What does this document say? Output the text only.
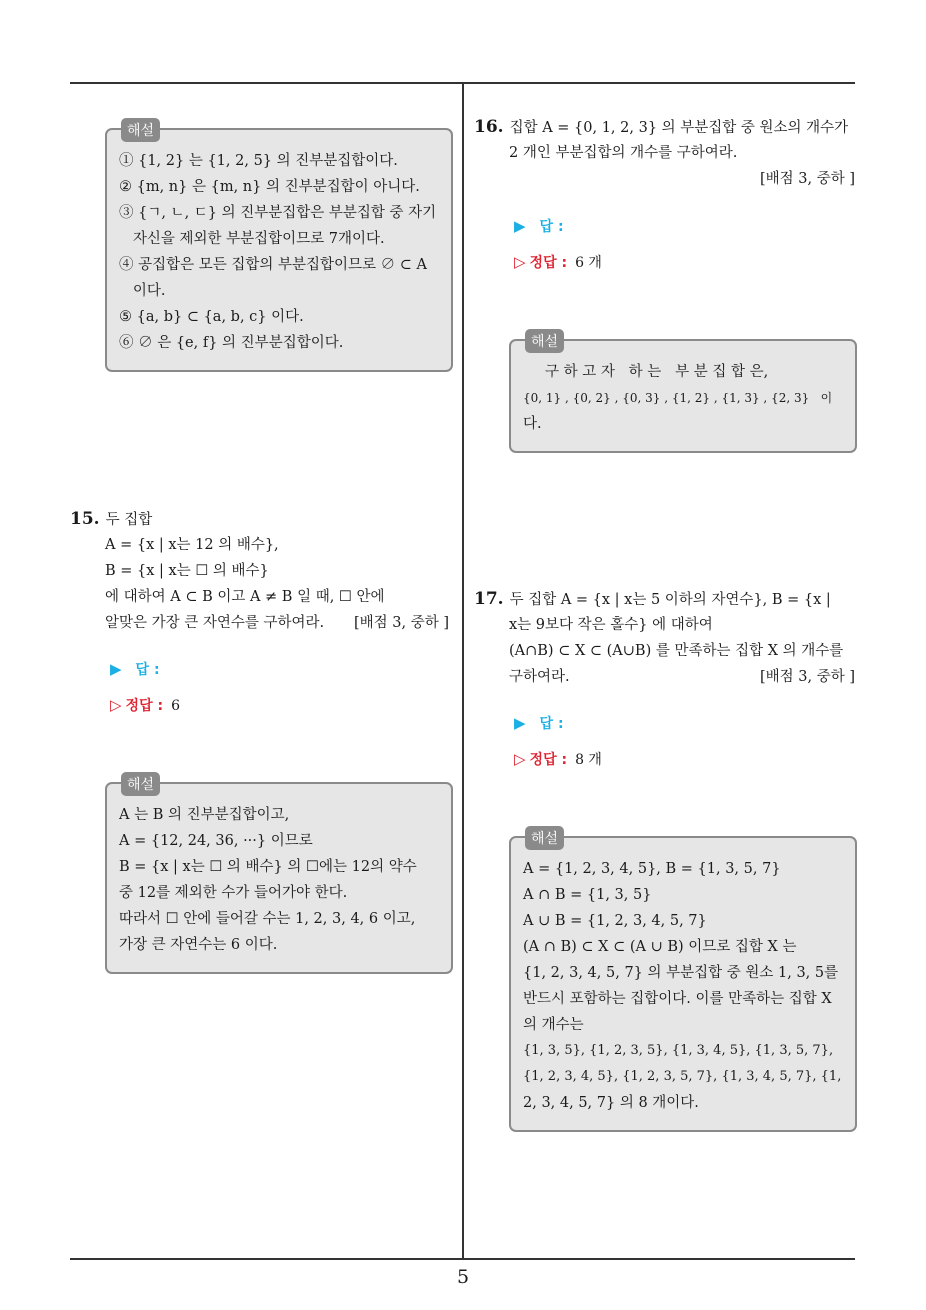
5
해설
① {1, 2} 는 {1, 2, 5} 의 진부분집합이다.
② {m, n} 은 {m, n} 의 진부분집합이 아니다.
③ {ㄱ, ㄴ, ㄷ} 의 진부분집합은 부분집합 중 자기
자신을 제외한 부분집합이므로 7개이다.
④ 공집합은 모든 집합의 부분집합이므로 ∅ ⊂ A
이다.
⑤ {a, b} ⊂ {a, b, c} 이다.
⑥ ∅ 은 {e, f} 의 진부분집합이다.
15. 두 집합
A = {x | x는 12 의 배수},
B = {x | x는 ☐ 의 배수}
에 대하여 A ⊂ B 이고 A ≠ B 일 때, ☐ 안에
알맞은 가장 큰 자연수를 구하여라.	[배점 3, 중하 ]
▶ 답 :
▷ 정답 : 6
해설
A 는 B 의 진부분집합이고,
A = {12, 24, 36, ···} 이므로
B = {x | x는 ☐ 의 배수} 의 ☐에는 12의 약수
중 12를 제외한 수가 들어가야 한다.
따라서 ☐ 안에 들어갈 수는 1, 2, 3, 4, 6 이고,
가장 큰 자연수는 6 이다.
16. 집합 A = {0, 1, 2, 3} 의 부분집합 중 원소의 개수가
2 개인 부분집합의 개수를 구하여라.
[배점 3, 중하 ]
▶ 답 :
▷ 정답 : 6 개
해설
구 하 고 자   하 는   부 분 집 합 은,
{0, 1} , {0, 2} , {0, 3} , {1, 2} , {1, 3} , {2, 3}   이
다.
17. 두 집합 A = {x | x는 5 이하의 자연수}, B = {x |
x는 9보다 작은 홀수} 에 대하여
(A∩B) ⊂ X ⊂ (A∪B) 를 만족하는 집합 X 의 개수를
구하여라.	[배점 3, 중하 ]
▶ 답 :
▷ 정답 : 8 개
해설
A = {1, 2, 3, 4, 5}, B = {1, 3, 5, 7}
A ∩ B = {1, 3, 5}
A ∪ B = {1, 2, 3, 4, 5, 7}
(A ∩ B) ⊂ X ⊂ (A ∪ B) 이므로 집합 X 는
{1, 2, 3, 4, 5, 7} 의 부분집합 중 원소 1, 3, 5를
반드시 포함하는 집합이다. 이를 만족하는 집합 X
의 개수는
{1, 3, 5}, {1, 2, 3, 5}, {1, 3, 4, 5}, {1, 3, 5, 7},
{1, 2, 3, 4, 5}, {1, 2, 3, 5, 7}, {1, 3, 4, 5, 7}, {1,
2, 3, 4, 5, 7} 의 8 개이다.
